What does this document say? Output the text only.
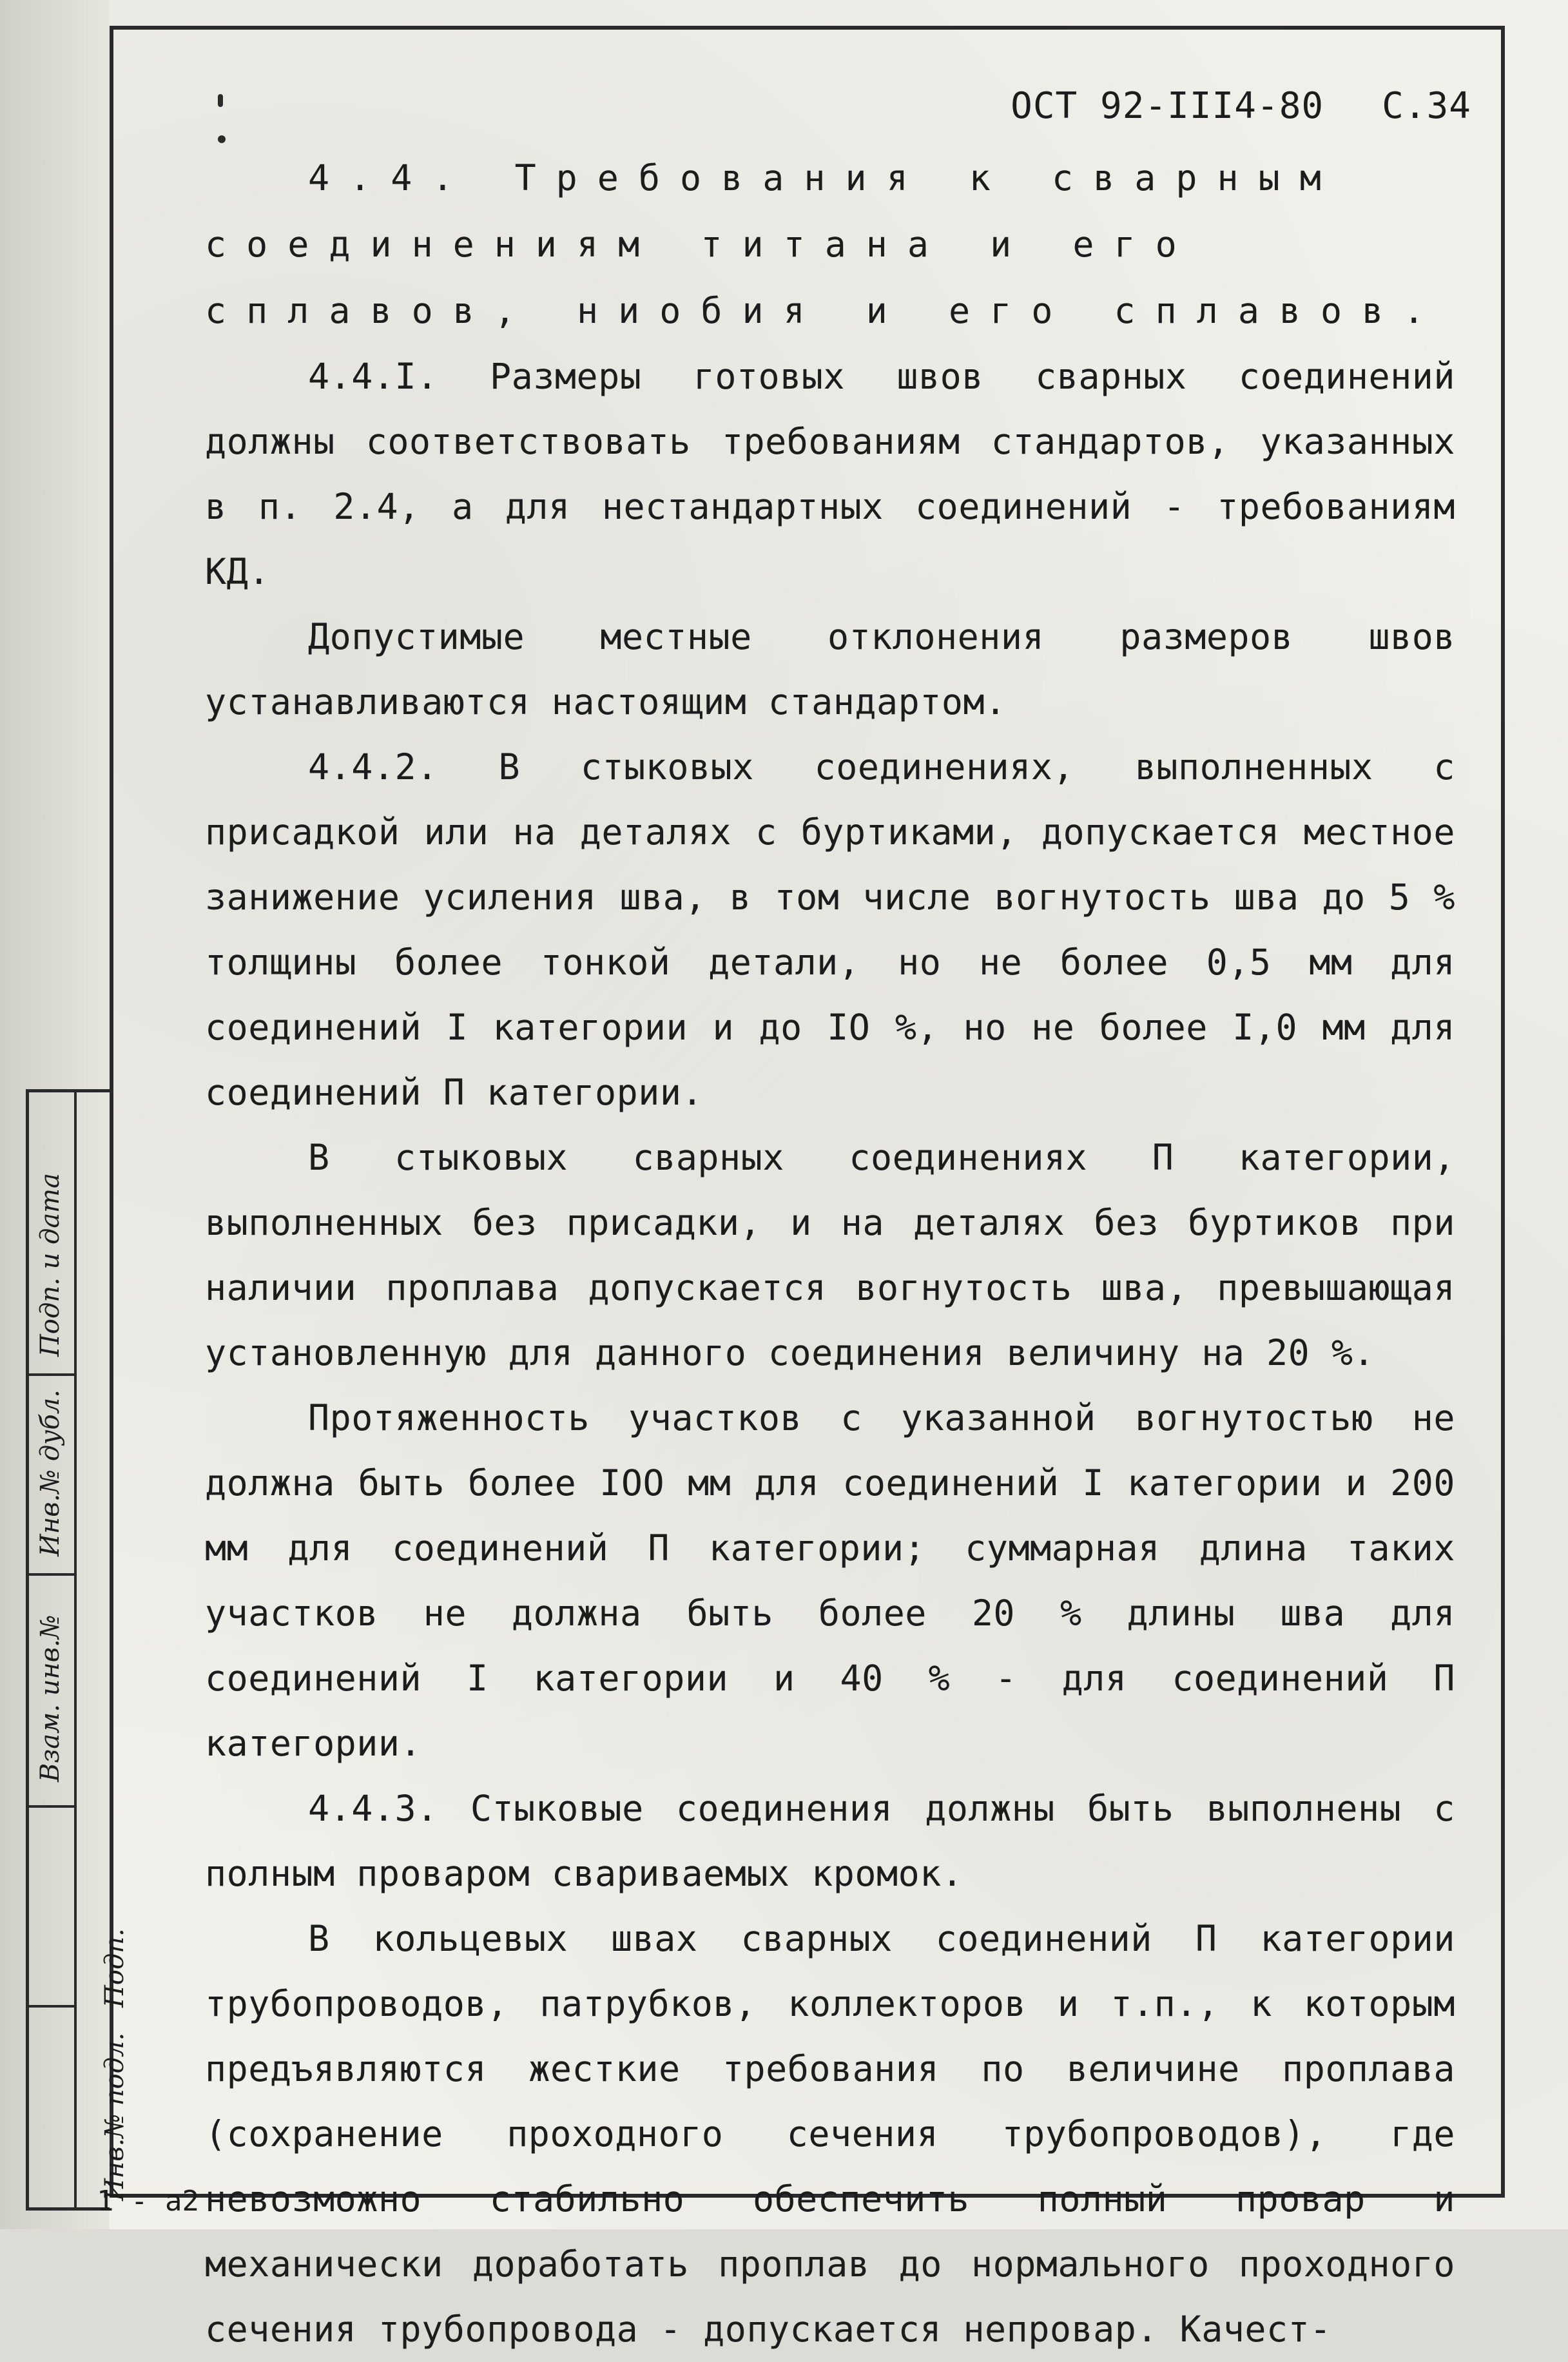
ОСТ 92-III4-80 С.34

4.4. Требования к сварным соединениям титана и его сплавов, ниобия и его сплавов.

4.4.I. Размеры готовых швов сварных соединений должны соответствовать требованиям стандартов, указанных в п. 2.4, а для нестандартных соединений - требованиям КД.

Допустимые местные отклонения размеров швов устанавливаются настоящим стандартом.

4.4.2. В стыковых соединениях, выполненных с присадкой или на деталях с буртиками, допускается местное занижение усиления шва, в том числе вогнутость шва до 5 % толщины более тонкой детали, но не более 0,5 мм для соединений I категории и до IO %, но не более I,0 мм для соединений П категории.

В стыковых сварных соединениях П категории, выполненных без присадки, и на деталях без буртиков при наличии проплава допускается вогнутость шва, превышающая установленную для данного соединения величину на 20 %.

Протяженность участков с указанной вогнутостью не должна быть более IOO мм для соединений I категории и 200 мм для соединений П категории; суммарная длина таких участков не должна быть более 20 % длины шва для соединений I категории и 40 % - для соединений П категории.

4.4.3. Стыковые соединения должны быть выполнены с полным проваром свариваемых кромок.

В кольцевых швах сварных соединений П категории трубопроводов, патрубков, коллекторов и т.п., к которым предъявляются жесткие требования по величине проплава (сохранение проходного сечения трубопроводов), где невозможно стабильно обеспечить полный провар и механически доработать проплав до нормального проходного сечения трубопровода - допускается непровар. Качест-

Подп. и дата
Инв.№ дубл.
Взам. инв.№
Подп.
Инв.№ подл.
1 - а2
